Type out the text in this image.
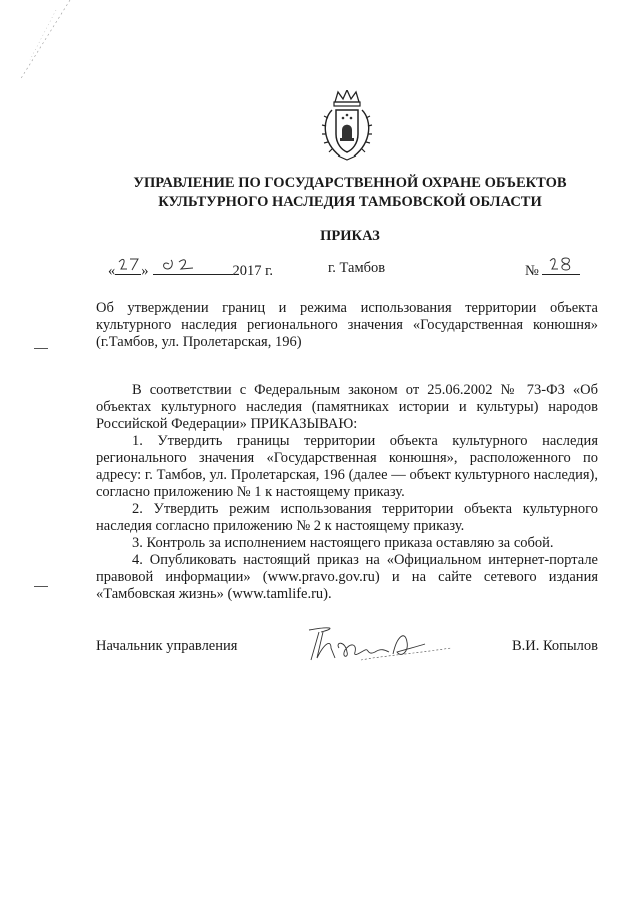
УПРАВЛЕНИЕ ПО ГОСУДАРСТВЕННОЙ ОХРАНЕ ОБЪЕКТОВ
КУЛЬТУРНОГО НАСЛЕДИЯ ТАМБОВСКОЙ ОБЛАСТИ
ПРИКАЗ
« »	2017 г.	г. Тамбов	№
Об утверждении границ и режима использования территории объекта культурного наследия регионального значения «Государственная конюшня» (г.Тамбов, ул. Пролетарская, 196)

В соответствии с Федеральным законом от 25.06.2002 № 73-ФЗ «Об объектах культурного наследия (памятниках истории и культуры) народов Российской Федерации» ПРИКАЗЫВАЮ:

1. Утвердить границы территории объекта культурного наследия регионального значения «Государственная конюшня», расположенного по адресу: г. Тамбов, ул. Пролетарская, 196 (далее — объект культурного наследия), согласно приложению № 1 к настоящему приказу.

2. Утвердить режим использования территории объекта культурного наследия согласно приложению № 2 к настоящему приказу.

3. Контроль за исполнением настоящего приказа оставляю за собой.

4. Опубликовать настоящий приказ на «Официальном интернет-портале правовой информации» (www.pravo.gov.ru) и на сайте сетевого издания «Тамбовская жизнь» (www.tamlife.ru).

Начальник управления	В.И. Копылов
